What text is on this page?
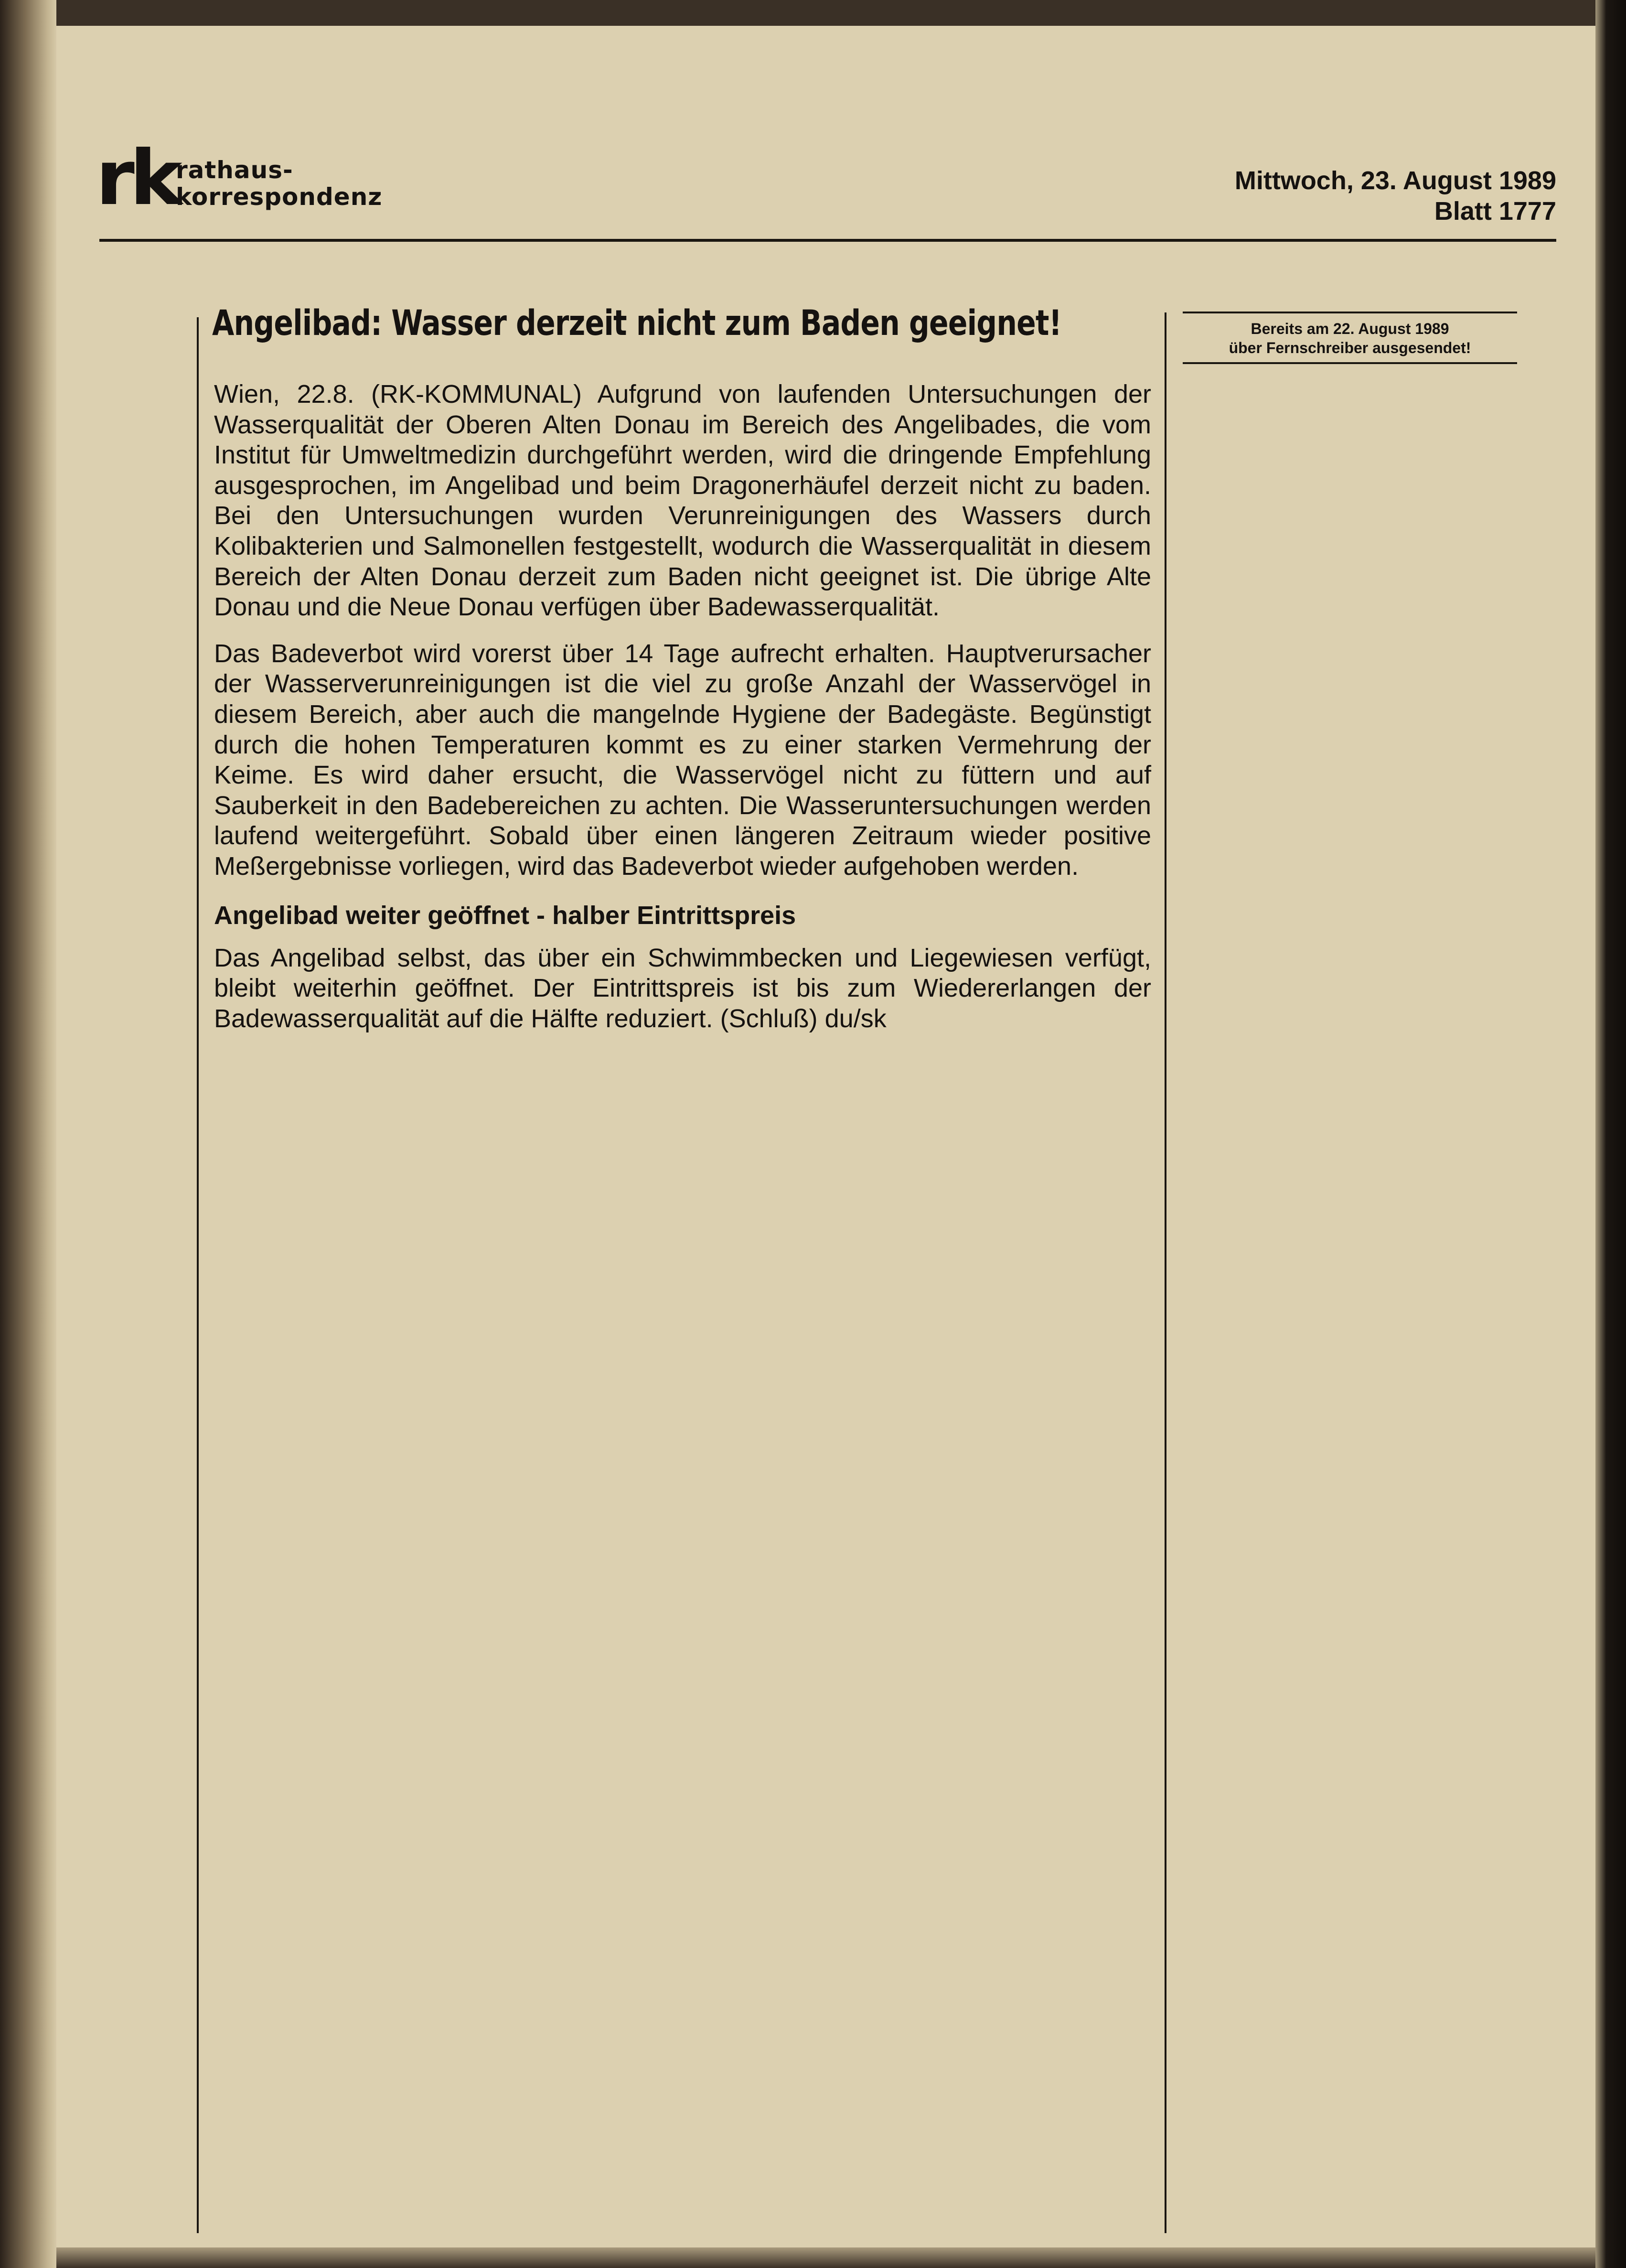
rk
rathaus-
korrespondenz
Mittwoch, 23. August 1989
Blatt 1777
Angelibad: Wasser derzeit nicht zum Baden geeignet!	Bereits am 22. August 1989
über Fernschreiber ausgesendet!

Wien, 22.8. (RK-KOMMUNAL) Aufgrund von laufenden Untersuchungen der Wasserqualität der Oberen Alten Donau im Bereich des Angelibades, die vom Institut für Umweltmedizin durchgeführt werden, wird die dringende Empfehlung ausgesprochen, im Angelibad und beim Dragonerhäufel derzeit nicht zu baden. Bei den Untersuchungen wurden Verunreinigungen des Wassers durch Kolibakterien und Salmonellen festgestellt, wodurch die Wasserqualität in diesem Bereich der Alten Donau derzeit zum Baden nicht geeignet ist. Die übrige Alte Donau und die Neue Donau verfügen über Badewasserqualität.

Das Badeverbot wird vorerst über 14 Tage aufrecht erhalten. Hauptverursacher der Wasserverunreinigungen ist die viel zu große Anzahl der Wasservögel in diesem Bereich, aber auch die mangelnde Hygiene der Badegäste. Begünstigt durch die hohen Temperaturen kommt es zu einer starken Vermehrung der Keime. Es wird daher ersucht, die Wasservögel nicht zu füttern und auf Sauberkeit in den Badebereichen zu achten. Die Wasseruntersuchungen werden laufend weitergeführt. Sobald über einen längeren Zeitraum wieder positive Meßergebnisse vorliegen, wird das Badeverbot wieder aufgehoben werden.

Angelibad weiter geöffnet - halber Eintrittspreis

Das Angelibad selbst, das über ein Schwimmbecken und Liegewiesen verfügt, bleibt weiterhin geöffnet. Der Eintrittspreis ist bis zum Wiedererlangen der Badewasserqualität auf die Hälfte reduziert. (Schluß) du/sk
